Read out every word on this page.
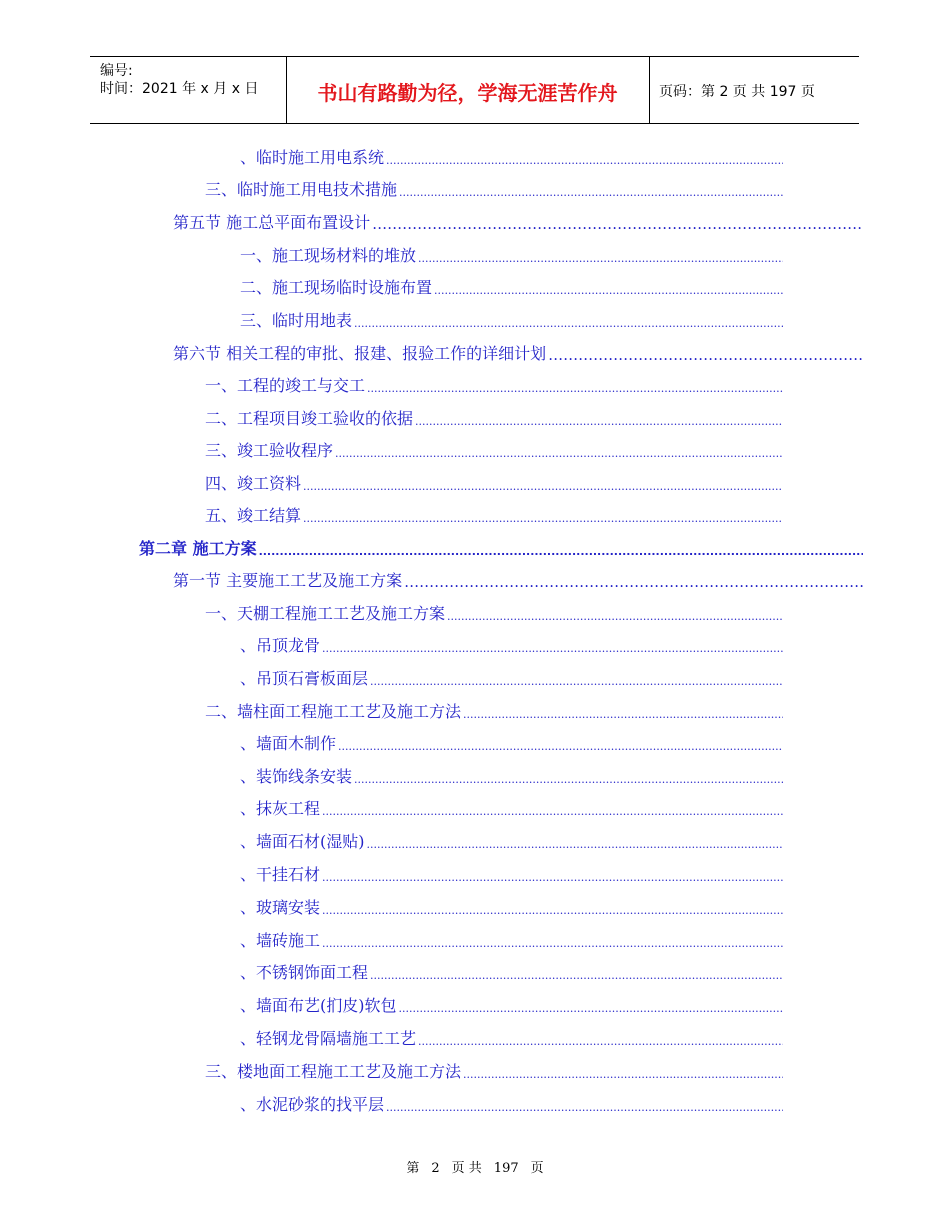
编号:
时间：2021 年 x 月 x 日	书山有路勤为径，学海无涯苦作舟	页码：第 2 页 共 197 页
、临时施工用电系统
.....
三、临时施工用电技术措施
.....
第五节 施工总平面布置设计
……………………………………………………………………………………………………………………………………………
一、施工现场材料的堆放
.....
二、施工现场临时设施布置
.....
三、临时用地表
.....
第六节 相关工程的审批、报建、报验工作的详细计划
……………………………………………………………………………………………………………………………………………
一、工程的竣工与交工
.....
二、工程项目竣工验收的依据
.....
三、竣工验收程序
.....
四、竣工资料
.....
五、竣工结算
.....
第二章 施工方案
.....
第一节 主要施工工艺及施工方案
……………………………………………………………………………………………………………………………………………
一、天棚工程施工工艺及施工方案
.....
、吊顶龙骨
.....
、吊顶石膏板面层
.....
二、墙柱面工程施工工艺及施工方法
.....
、墙面木制作
.....
、装饰线条安装
.....
、抹灰工程
.....
、墙面石材(湿贴)
.....
、干挂石材
.....
、玻璃安装
.....
、墙砖施工
.....
、不锈钢饰面工程
.....
、墙面布艺(扪皮)软包
.....
、轻钢龙骨隔墙施工工艺
.....
三、楼地面工程施工工艺及施工方法
.....
、水泥砂浆的找平层
.....
第 2 页 共 197 页
